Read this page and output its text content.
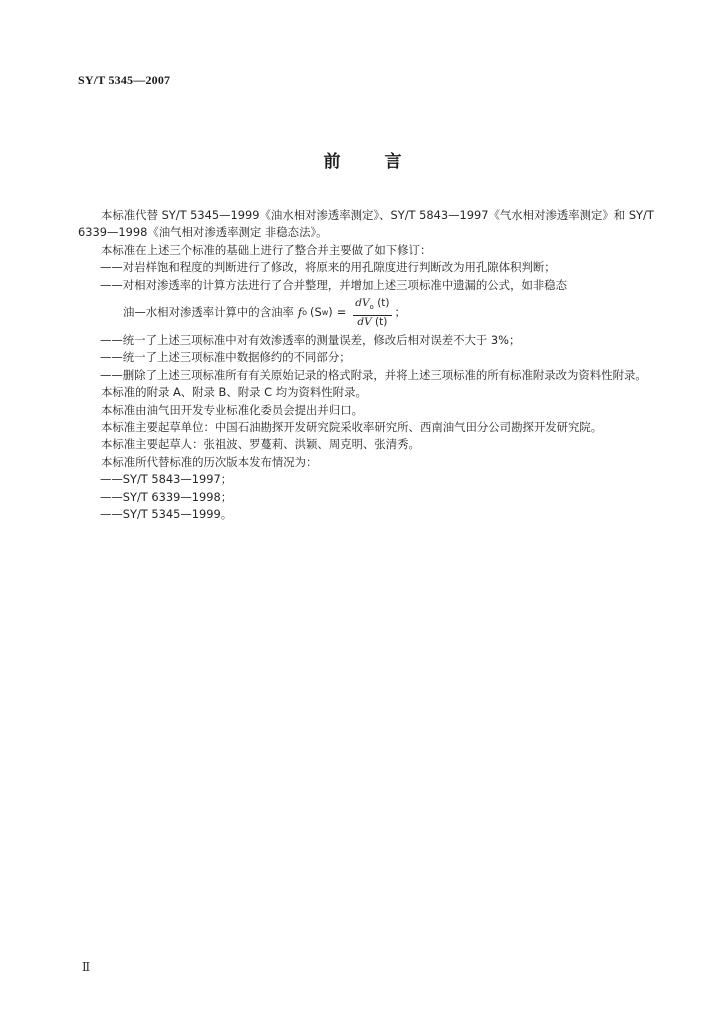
SY/T 5345—2007
前言

本标准代替 SY/T 5345—1999《油水相对渗透率测定》、SY/T 5843—1997《气水相对渗透率测定》和 SY/T 6339—1998《油气相对渗透率测定 非稳态法》。

本标准在上述三个标准的基础上进行了整合并主要做了如下修订：

——对岩样饱和程度的判断进行了修改，将原来的用孔隙度进行判断改为用孔隙体积判断；

——对相对渗透率的计算方法进行了合并整理，并增加上述三项标准中遗漏的公式，如非稳态

油—水相对渗透率计算中的含油率 f o (S w ) = $\frac{dV_o (t)}{dV (t)}$ ；

——统一了上述三项标准中对有效渗透率的测量误差，修改后相对误差不大于 3%；

——统一了上述三项标准中数据修约的不同部分；

——删除了上述三项标准所有有关原始记录的格式附录，并将上述三项标准的所有标准附录改为资料性附录。

本标准的附录 A、附录 B、附录 C 均为资料性附录。

本标准由油气田开发专业标准化委员会提出并归口。

本标准主要起草单位：中国石油勘探开发研究院采收率研究所、西南油气田分公司勘探开发研究院。

本标准主要起草人：张祖波、罗蔓莉、洪颖、周克明、张清秀。

本标准所代替标准的历次版本发布情况为：

——SY/T 5843—1997；

——SY/T 6339—1998；

——SY/T 5345—1999。

Ⅱ
